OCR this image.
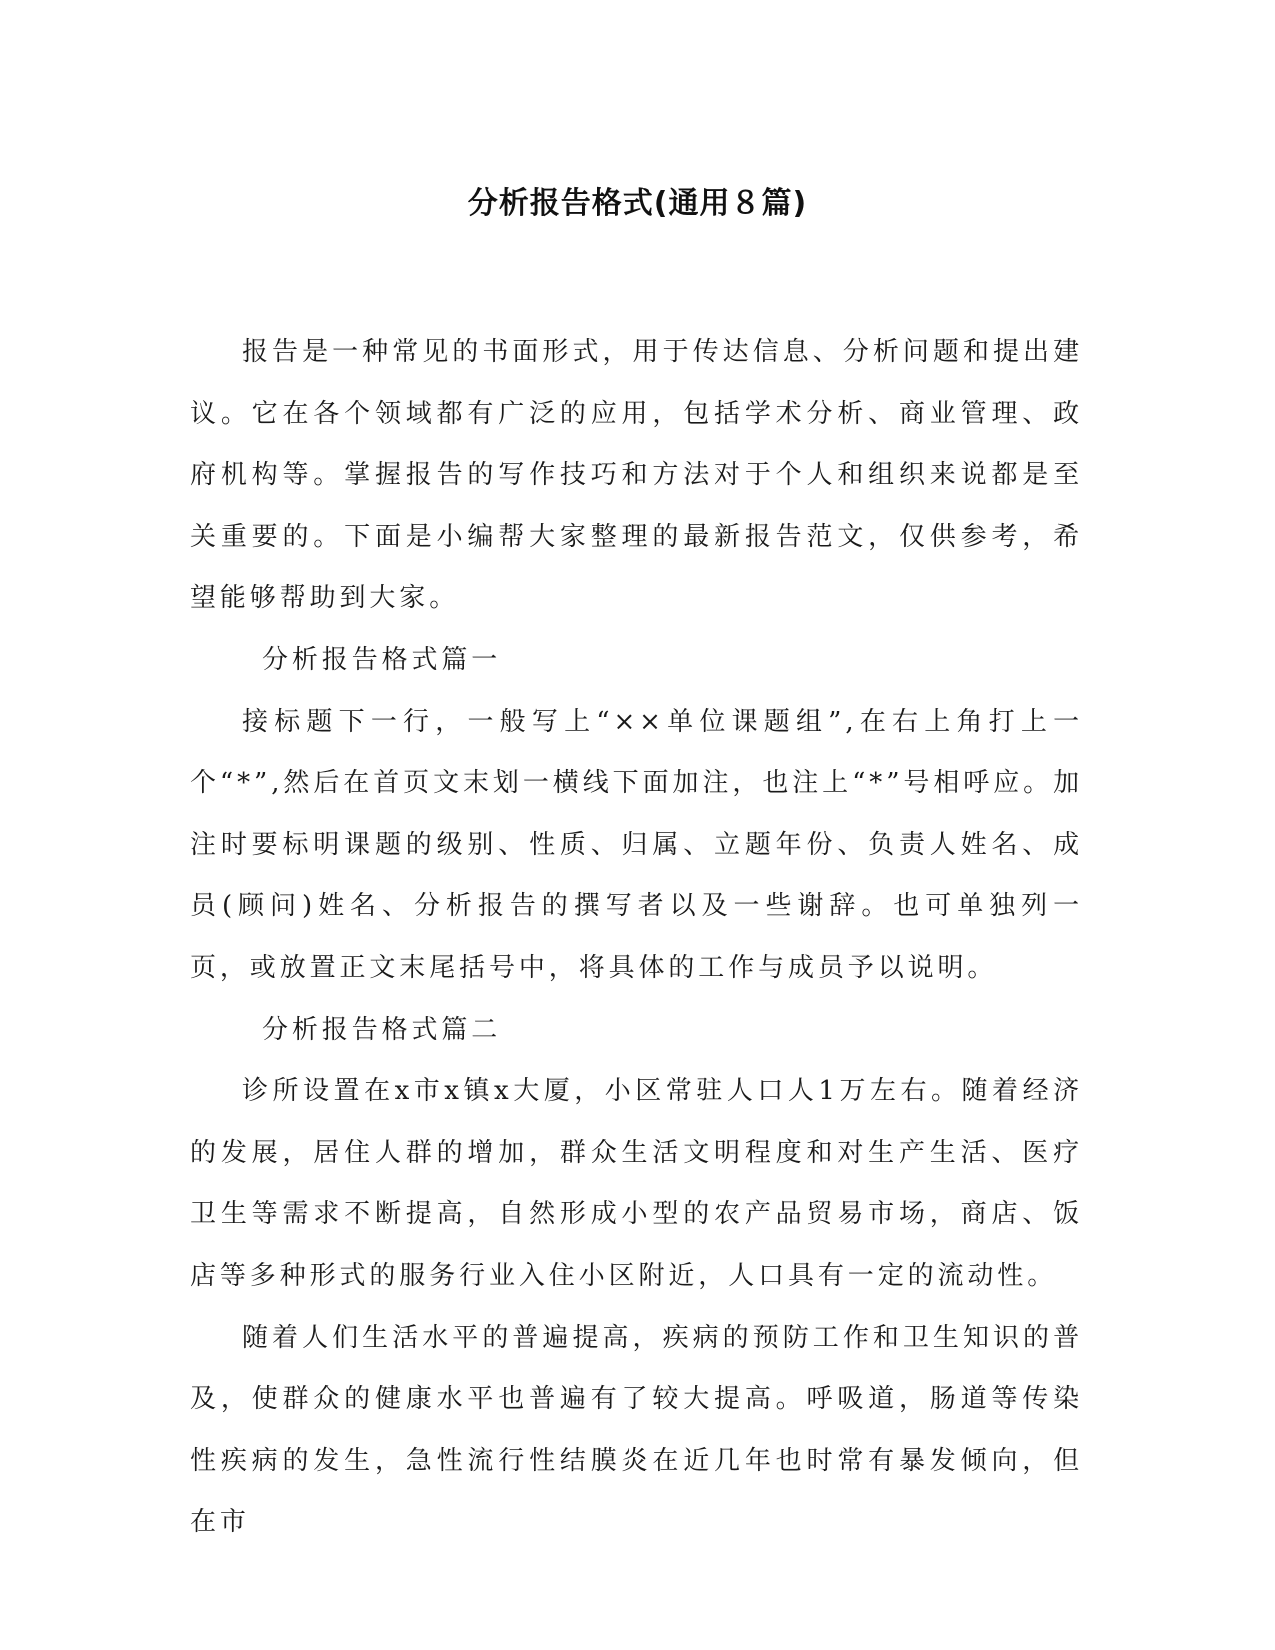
分析报告格式(通用８篇)

报告是一种常见的书面形式，用于传达信息、分析问题和提出建议。它在各个领域都有广泛的应用，包括学术分析、商业管理、政府机构等。掌握报告的写作技巧和方法对于个人和组织来说都是至关重要的。下面是小编帮大家整理的最新报告范文，仅供参考，希望能够帮助到大家。

分析报告格式篇一

接标题下一行，一般写上“××单位课题组”,在右上角打上一个“*”,然后在首页文末划一横线下面加注，也注上“*”号相呼应。加注时要标明课题的级别、性质、归属、立题年份、负责人姓名、成员(顾问)姓名、分析报告的撰写者以及一些谢辞。也可单独列一页，或放置正文末尾括号中，将具体的工作与成员予以说明。

分析报告格式篇二

诊所设置在x市x镇x大厦，小区常驻人口人1万左右。随着经济的发展，居住人群的增加，群众生活文明程度和对生产生活、医疗卫生等需求不断提高，自然形成小型的农产品贸易市场，商店、饭店等多种形式的服务行业入住小区附近，人口具有一定的流动性。

随着人们生活水平的普遍提高，疾病的预防工作和卫生知识的普及，使群众的健康水平也普遍有了较大提高。呼吸道，肠道等传染性疾病的发生，急性流行性结膜炎在近几年也时常有暴发倾向，但在市
